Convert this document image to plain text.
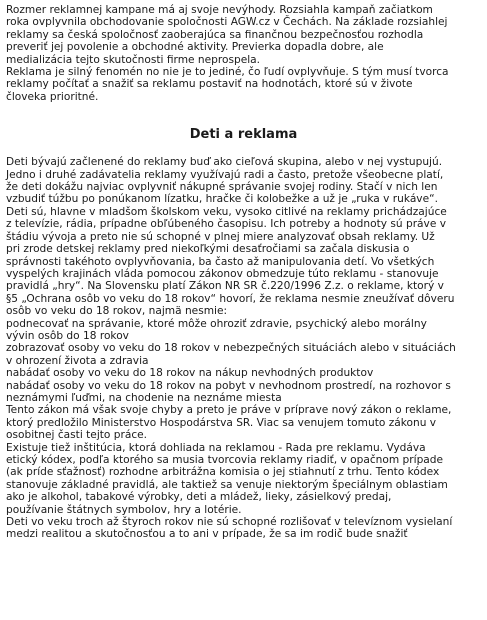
Rozmer reklamnej kampane má aj svoje nevýhody. Rozsiahla kampaň začiatkom
roka ovplyvnila obchodovanie spoločnosti AGW.cz v Čechách. Na základe rozsiahlej
reklamy sa česká spoločnosť zaoberajúca sa finančnou bezpečnosťou rozhodla
preveriť jej povolenie a obchodné aktivity. Previerka dopadla dobre, ale
medializácia tejto skutočnosti firme neprospela.
Reklama je silný fenomén no nie je to jediné, čo ľudí ovplyvňuje. S tým musí tvorca
reklamy počítať a snažiť sa reklamu postaviť na hodnotách, ktoré sú v živote
človeka prioritné.
Deti a reklama
Deti bývajú začlenené do reklamy buď ako cieľová skupina, alebo v nej vystupujú.
Jedno i druhé zadávatelia reklamy využívajú radi a často, pretože všeobecne platí,
že deti dokážu najviac ovplyvniť nákupné správanie svojej rodiny. Stačí v nich len
vzbudiť túžbu po ponúkanom lízatku, hračke či kolobežke a už je „ruka v rukáve“.
Deti sú, hlavne v mladšom školskom veku, vysoko citlivé na reklamy prichádzajúce
z televízie, rádia, prípadne obľúbeného časopisu. Ich potreby a hodnoty sú práve v
štádiu vývoja a preto nie sú schopné v plnej miere analyzovať obsah reklamy. Už
pri zrode detskej reklamy pred niekoľkými desaťročiami sa začala diskusia o
správnosti takéhoto ovplyvňovania, ba často až manipulovania detí. Vo všetkých
vyspelých krajinách vláda pomocou zákonov obmedzuje túto reklamu - stanovuje
pravidlá „hry“. Na Slovensku platí Zákon NR SR č.220/1996 Z.z. o reklame, ktorý v
§5 „Ochrana osôb vo veku do 18 rokov“ hovorí, že reklama nesmie zneužívať dôveru
osôb vo veku do 18 rokov, najmä nesmie:
podnecovať na správanie, ktoré môže ohroziť zdravie, psychický alebo morálny
vývin osôb do 18 rokov
zobrazovať osoby vo veku do 18 rokov v nebezpečných situáciách alebo v situáciách
v ohrození života a zdravia
nabádať osoby vo veku do 18 rokov na nákup nevhodných produktov
nabádať osoby vo veku do 18 rokov na pobyt v nevhodnom prostredí, na rozhovor s
neznámymi ľuďmi, na chodenie na neznáme miesta
Tento zákon má však svoje chyby a preto je práve v príprave nový zákon o reklame,
ktorý predložilo Ministerstvo Hospodárstva SR. Viac sa venujem tomuto zákonu v
osobitnej časti tejto práce.
Existuje tiež inštitúcia, ktorá dohliada na reklamou - Rada pre reklamu. Vydáva
etický kódex, podľa ktorého sa musia tvorcovia reklamy riadiť, v opačnom prípade
(ak príde sťažnosť) rozhodne arbitrážna komisia o jej stiahnutí z trhu. Tento kódex
stanovuje základné pravidlá, ale taktiež sa venuje niektorým špeciálnym oblastiam
ako je alkohol, tabakové výrobky, deti a mládež, lieky, zásielkový predaj,
používanie štátnych symbolov, hry a lotérie.
Deti vo veku troch až štyroch rokov nie sú schopné rozlišovať v televíznom vysielaní
medzi realitou a skutočnosťou a to ani v prípade, že sa im rodič bude snažiť
